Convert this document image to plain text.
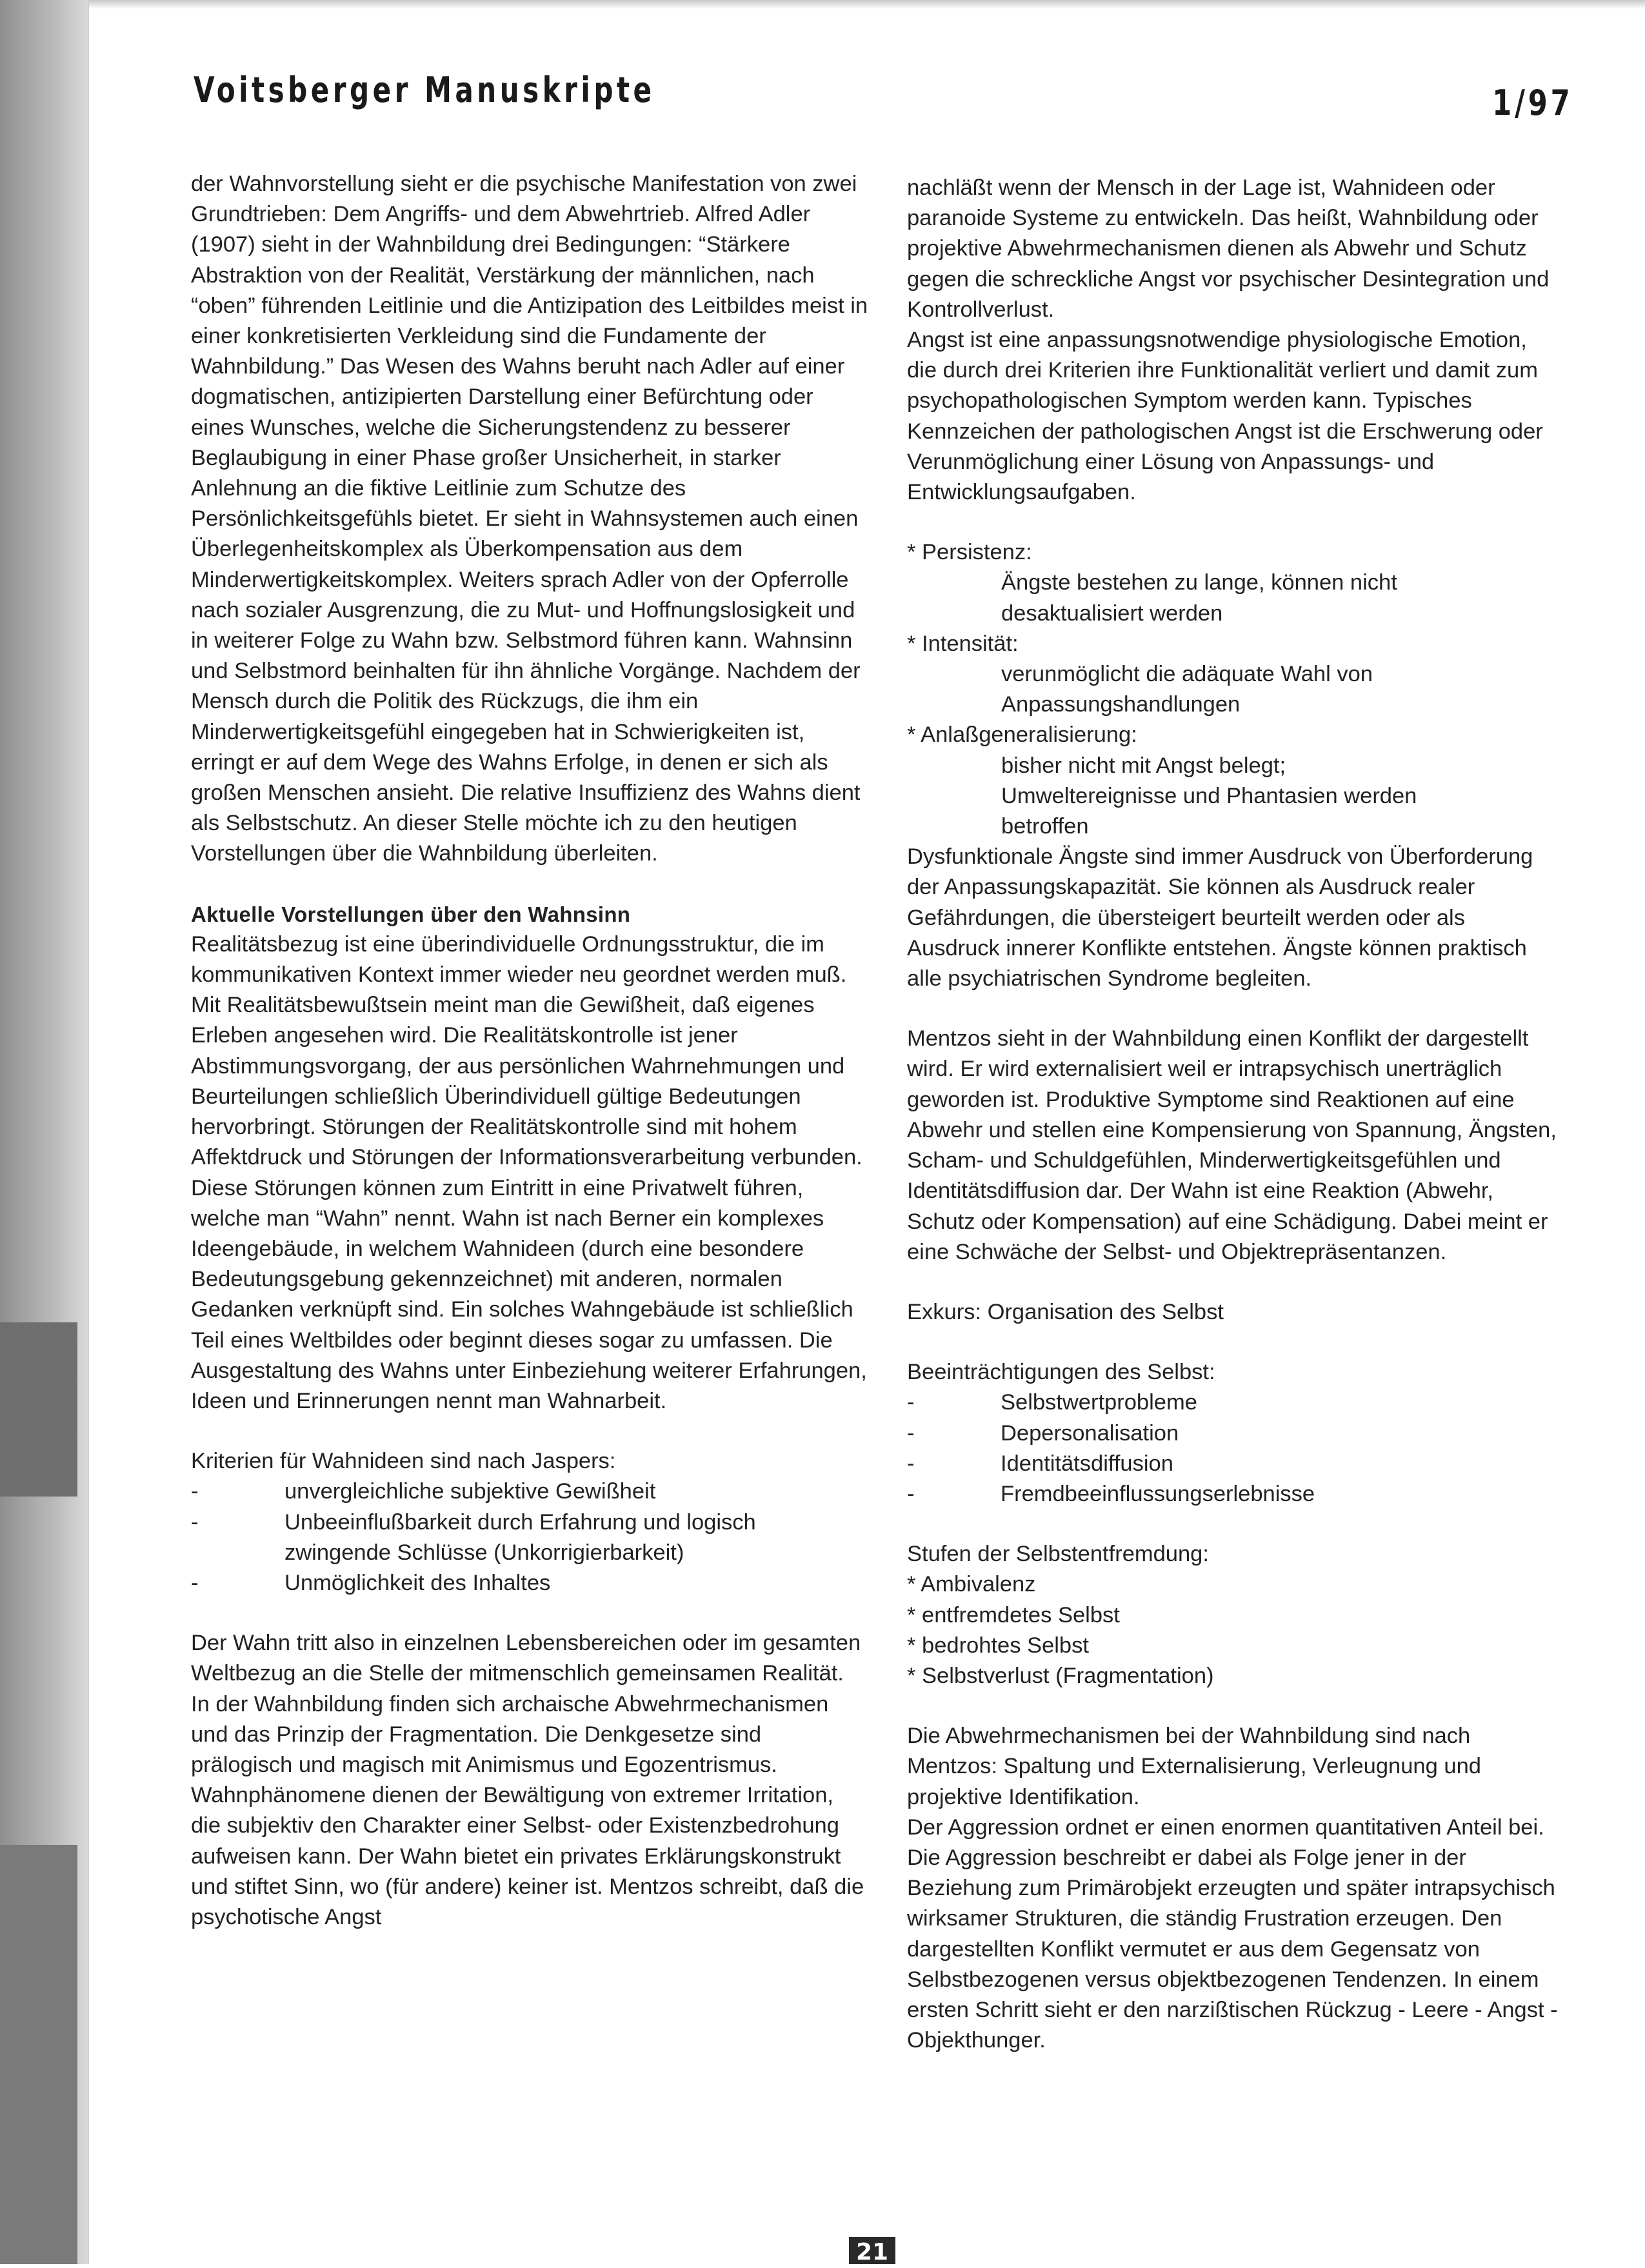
Voitsberger Manuskripte	1/97

der Wahnvorstellung sieht er die psychische Manifestation von zwei Grundtrieben: Dem Angriffs- und dem Abwehrtrieb. Alfred Adler (1907) sieht in der Wahnbildung drei Bedingungen: “Stärkere Abstraktion von der Realität, Verstärkung der männlichen, nach “oben” führenden Leitlinie und die Antizipation des Leitbildes meist in einer konkretisierten Verkleidung sind die Fundamente der Wahnbildung.” Das Wesen des Wahns beruht nach Adler auf einer dogmatischen, antizipierten Darstellung einer Befürchtung oder eines Wunsches, welche die Sicherungstendenz zu besserer Beglaubigung in einer Phase großer Unsicherheit, in starker Anlehnung an die fiktive Leitlinie zum Schutze des Persönlichkeitsgefühls bietet. Er sieht in Wahnsystemen auch einen Überlegenheitskomplex als Überkompensation aus dem Minderwertigkeitskomplex. Weiters sprach Adler von der Opferrolle nach sozialer Ausgrenzung, die zu Mut- und Hoffnungslosigkeit und in weiterer Folge zu Wahn bzw. Selbstmord führen kann. Wahnsinn und Selbstmord beinhalten für ihn ähnliche Vorgänge. Nachdem der Mensch durch die Politik des Rückzugs, die ihm ein Minderwertigkeitsgefühl eingegeben hat in Schwierigkeiten ist, erringt er auf dem Wege des Wahns Erfolge, in denen er sich als großen Menschen ansieht. Die relative Insuffizienz des Wahns dient als Selbstschutz. An dieser Stelle möchte ich zu den heutigen Vorstellungen über die Wahnbildung überleiten.

Aktuelle Vorstellungen über den Wahnsinn

Realitätsbezug ist eine überindividuelle Ordnungsstruktur, die im kommunikativen Kontext immer wieder neu geordnet werden muß. Mit Realitätsbewußtsein meint man die Gewißheit, daß eigenes Erleben angesehen wird. Die Realitätskontrolle ist jener Abstimmungsvorgang, der aus persönlichen Wahrnehmungen und Beurteilungen schließlich Überindividuell gültige Bedeutungen hervorbringt. Störungen der Realitätskontrolle sind mit hohem Affektdruck und Störungen der Informationsverarbeitung verbunden. Diese Störungen können zum Eintritt in eine Privatwelt führen, welche man “Wahn” nennt. Wahn ist nach Berner ein komplexes Ideengebäude, in welchem Wahnideen (durch eine besondere Bedeutungsgebung gekennzeichnet) mit anderen, normalen Gedanken verknüpft sind. Ein solches Wahngebäude ist schließlich Teil eines Weltbildes oder beginnt dieses sogar zu umfassen. Die Ausgestaltung des Wahns unter Einbeziehung weiterer Erfahrungen, Ideen und Erinnerungen nennt man Wahnarbeit.

Kriterien für Wahnideen sind nach Jaspers:

-	unvergleichliche subjektive Gewißheit
-	Unbeeinflußbarkeit durch Erfahrung und logisch zwingende Schlüsse (Unkorrigierbarkeit)
-	Unmöglichkeit des Inhaltes

Der Wahn tritt also in einzelnen Lebensbereichen oder im gesamten Weltbezug an die Stelle der mitmenschlich gemeinsamen Realität. In der Wahnbildung finden sich archaische Abwehrmechanismen und das Prinzip der Fragmentation. Die Denkgesetze sind prälogisch und magisch mit Animismus und Egozentrismus. Wahnphänomene dienen der Bewältigung von extremer Irritation, die subjektiv den Charakter einer Selbst- oder Existenzbedrohung aufweisen kann. Der Wahn bietet ein privates Erklärungskonstrukt und stiftet Sinn, wo (für andere) keiner ist. Mentzos schreibt, daß die psychotische Angst

nachläßt wenn der Mensch in der Lage ist, Wahnideen oder paranoide Systeme zu entwickeln. Das heißt, Wahnbildung oder projektive Abwehrmechanismen dienen als Abwehr und Schutz gegen die schreckliche Angst vor psychischer Desintegration und Kontrollverlust.

Angst ist eine anpassungsnotwendige physiologische Emotion, die durch drei Kriterien ihre Funktionalität verliert und damit zum psychopathologischen Symptom werden kann. Typisches Kennzeichen der pathologischen Angst ist die Erschwerung oder Verunmöglichung einer Lösung von Anpassungs- und Entwicklungsaufgaben.

* Persistenz:

Ängste bestehen zu lange, können nicht

desaktualisiert werden

* Intensität:

verunmöglicht die adäquate Wahl von

Anpassungshandlungen

* Anlaßgeneralisierung:

bisher nicht mit Angst belegt;

Umweltereignisse und Phantasien werden

betroffen

Dysfunktionale Ängste sind immer Ausdruck von Überforderung der Anpassungskapazität. Sie können als Ausdruck realer Gefährdungen, die übersteigert beurteilt werden oder als Ausdruck innerer Konflikte entstehen. Ängste können praktisch alle psychiatrischen Syndrome begleiten.

Mentzos sieht in der Wahnbildung einen Konflikt der dargestellt wird. Er wird externalisiert weil er intrapsychisch unerträglich geworden ist. Produktive Symptome sind Reaktionen auf eine Abwehr und stellen eine Kompensierung von Spannung, Ängsten, Scham- und Schuldgefühlen, Minderwertigkeitsgefühlen und Identitätsdiffusion dar. Der Wahn ist eine Reaktion (Abwehr, Schutz oder Kompensation) auf eine Schädigung. Dabei meint er eine Schwäche der Selbst- und Objektrepräsentanzen.

Exkurs: Organisation des Selbst

Beeinträchtigungen des Selbst:

-	Selbstwertprobleme
-	Depersonalisation
-	Identitätsdiffusion
-	Fremdbeeinflussungserlebnisse

Stufen der Selbstentfremdung:

* Ambivalenz

* entfremdetes Selbst

* bedrohtes Selbst

* Selbstverlust (Fragmentation)

Die Abwehrmechanismen bei der Wahnbildung sind nach Mentzos: Spaltung und Externalisierung, Verleugnung und projektive Identifikation.

Der Aggression ordnet er einen enormen quantitativen Anteil bei. Die Aggression beschreibt er dabei als Folge jener in der Beziehung zum Primärobjekt erzeugten und später intrapsychisch wirksamer Strukturen, die ständig Frustration erzeugen. Den dargestellten Konflikt vermutet er aus dem Gegensatz von Selbstbezogenen versus objektbezogenen Tendenzen. In einem ersten Schritt sieht er den narzißtischen Rückzug - Leere - Angst - Objekthunger.

21
